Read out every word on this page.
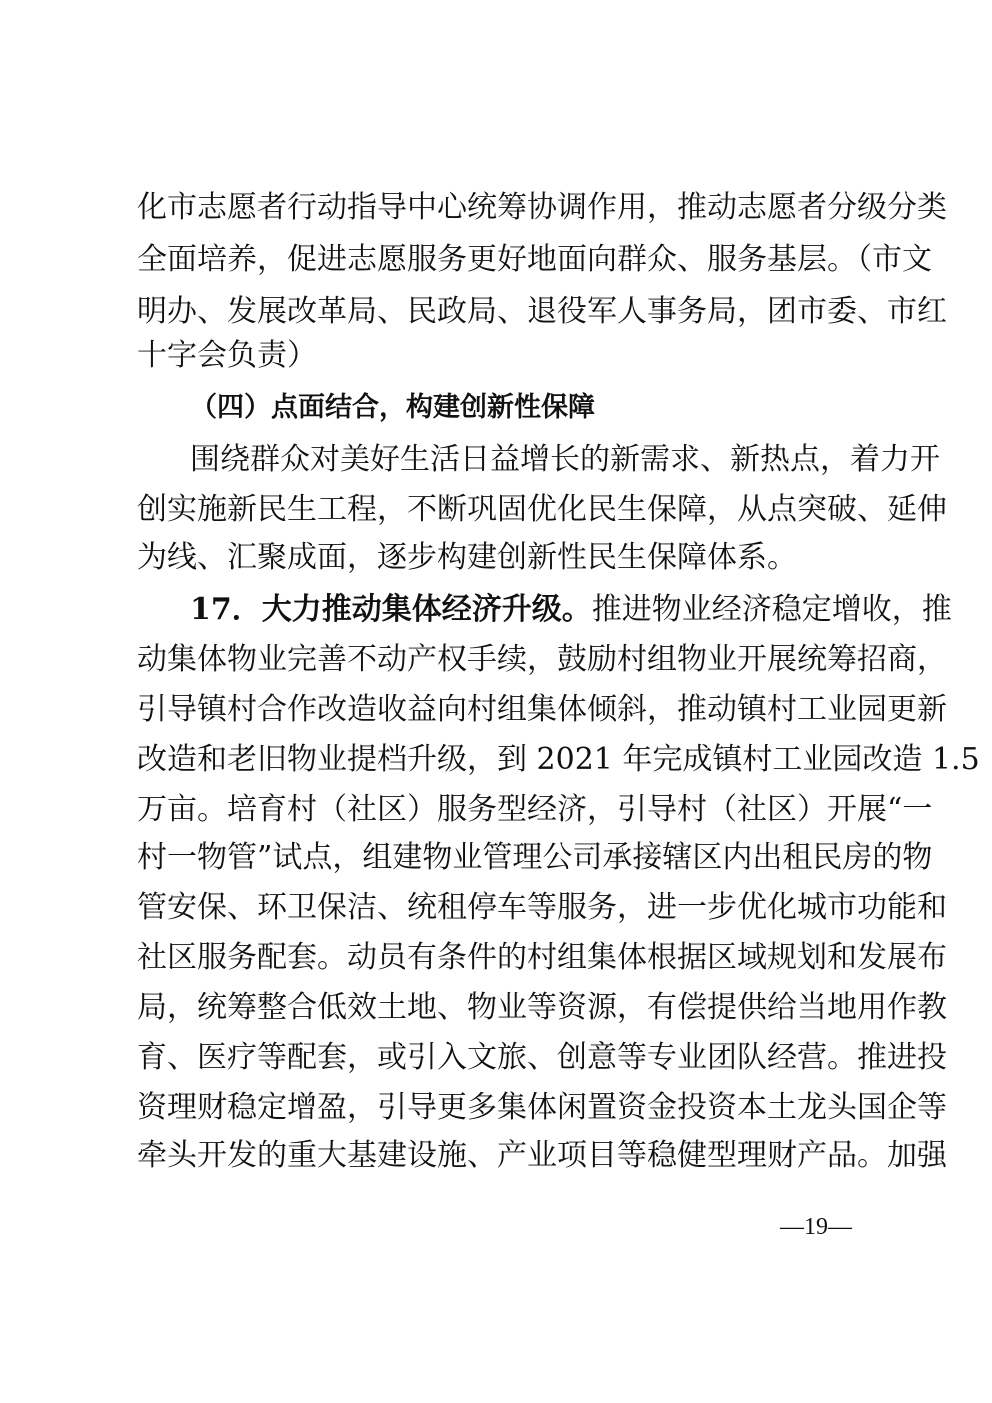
化市志愿者行动指导中心统筹协调作用，推动志愿者分级分类
全面培养，促进志愿服务更好地面向群众、服务基层。（市文
明办、发展改革局、民政局、退役军人事务局，团市委、市红
十字会负责）
（四）点面结合，构建创新性保障
围绕群众对美好生活日益增长的新需求、新热点，着力开
创实施新民生工程，不断巩固优化民生保障，从点突破、延伸
为线、汇聚成面，逐步构建创新性民生保障体系。
17．大力推动集体经济升级。 推进物业经济稳定增收，推
动集体物业完善不动产权手续，鼓励村组物业开展统筹招商，
引导镇村合作改造收益向村组集体倾斜，推动镇村工业园更新
改造和老旧物业提档升级，到 2021 年完成镇村工业园改造 1.5
万亩。培育村（社区）服务型经济，引导村（社区）开展“一
村一物管”试点，组建物业管理公司承接辖区内出租民房的物
管安保、环卫保洁、统租停车等服务，进一步优化城市功能和
社区服务配套。动员有条件的村组集体根据区域规划和发展布
局，统筹整合低效土地、物业等资源，有偿提供给当地用作教
育、医疗等配套，或引入文旅、创意等专业团队经营。推进投
资理财稳定增盈，引导更多集体闲置资金投资本土龙头国企等
牵头开发的重大基建设施、产业项目等稳健型理财产品。加强
—19—
